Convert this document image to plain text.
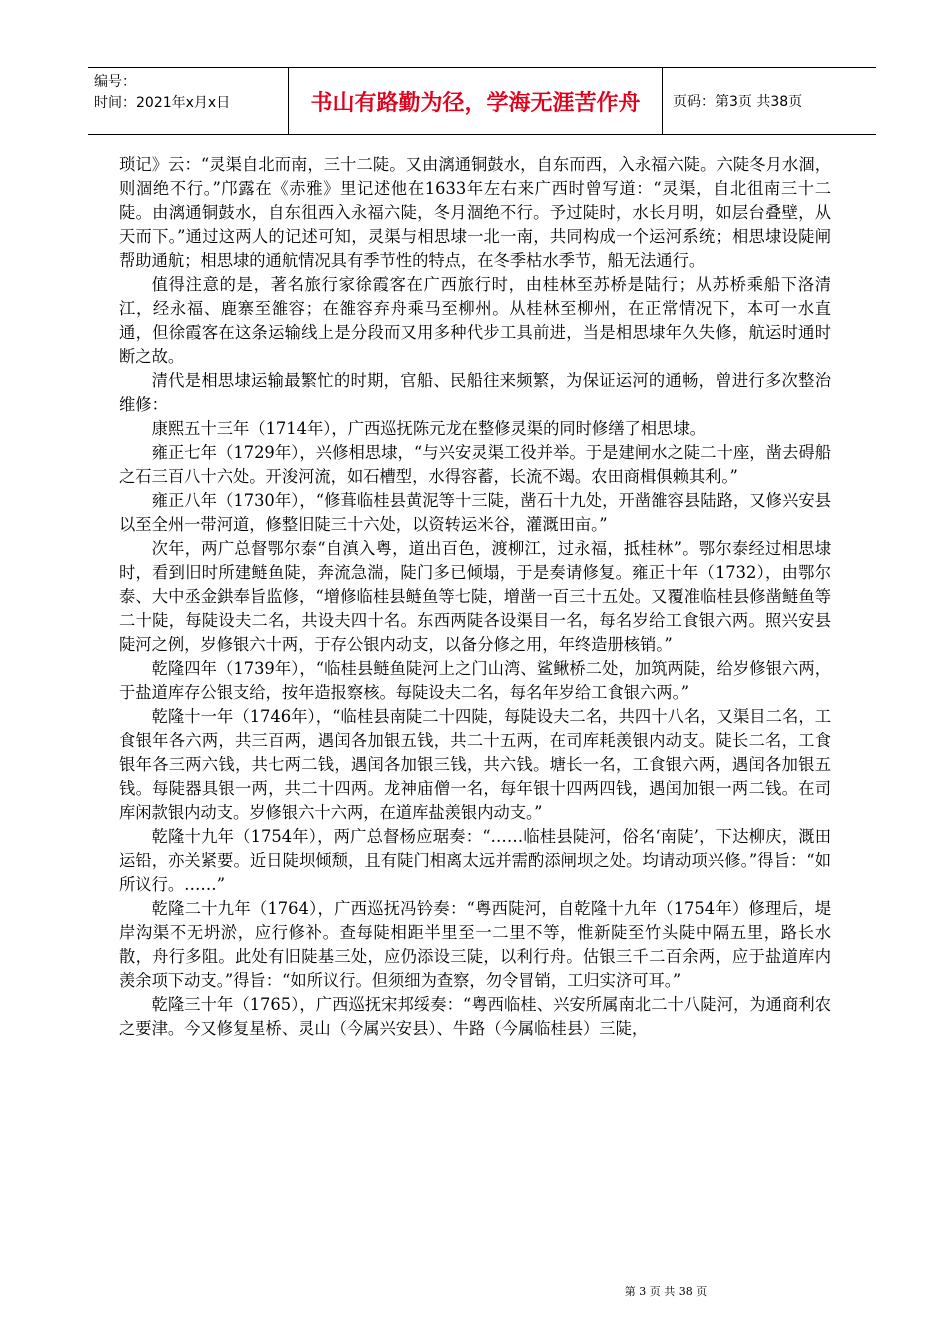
编号：
时间：2021年x月x日	书山有路勤为径，学海无涯苦作舟	页码：第3页 共38页

琐记》云：“灵渠自北而南，三十二陡。又由漓通铜鼓水，自东而西，入永福六陡。六陡冬月水涸，则涸绝不行。”邝露在《赤雅》里记述他在1633年左右来广西时曾写道：“灵渠，自北徂南三十二陡。由漓通铜鼓水，自东徂西入永福六陡，冬月涸绝不行。予过陡时，水长月明，如层台叠壁，从天而下。”通过这两人的记述可知，灵渠与相思埭一北一南，共同构成一个运河系统；相思埭设陡闸帮助通航；相思埭的通航情况具有季节性的特点，在冬季枯水季节，船无法通行。

值得注意的是，著名旅行家徐霞客在广西旅行时，由桂林至苏桥是陆行；从苏桥乘船下洛清江，经永福、鹿寨至雒容；在雒容弃舟乘马至柳州。从桂林至柳州，在正常情况下，本可一水直通，但徐霞客在这条运输线上是分段而又用多种代步工具前进，当是相思埭年久失修，航运时通时断之故。

清代是相思埭运输最繁忙的时期，官船、民船往来频繁，为保证运河的通畅，曾进行多次整治维修：

康熙五十三年（1714年），广西巡抚陈元龙在整修灵渠的同时修缮了相思埭。

雍正七年（1729年），兴修相思埭，“与兴安灵渠工役并举。于是建闸水之陡二十座，凿去碍船之石三百八十六处。开浚河流，如石槽型，水得容蓄，长流不竭。农田商楫俱赖其利。”

雍正八年（1730年），“修葺临桂县黄泥等十三陡，凿石十九处，开凿雒容县陆路，又修兴安县以至全州一带河道，修整旧陡三十六处，以资转运米谷，灌溉田亩。”

次年，两广总督鄂尔泰“自滇入粤，道出百色，渡柳江，过永福，抵桂林”。鄂尔泰经过相思埭时，看到旧时所建鲢鱼陡，奔流急湍，陡门多已倾塌，于是奏请修复。雍正十年（1732），由鄂尔泰、大中丞金鉷奉旨监修，“增修临桂县鲢鱼等七陡，增凿一百三十五处。又覆准临桂县修凿鲢鱼等二十陡，每陡设夫二名，共设夫四十名。东西两陡各设渠目一名，每名岁给工食银六两。照兴安县陡河之例，岁修银六十两，于存公银内动支，以备分修之用，年终造册核销。”

乾隆四年（1739年），“临桂县鲢鱼陡河上之门山湾、鲨鳅桥二处，加筑两陡，给岁修银六两，于盐道库存公银支给，按年造报察核。每陡设夫二名，每名年岁给工食银六两。”

乾隆十一年（1746年），“临桂县南陡二十四陡，每陡设夫二名，共四十八名，又渠目二名，工食银年各六两，共三百两，遇闰各加银五钱，共二十五两，在司库耗羡银内动支。陡长二名，工食银年各三两六钱，共七两二钱，遇闰各加银三钱，共六钱。塘长一名，工食银六两，遇闰各加银五钱。每陡器具银一两，共二十四两。龙神庙僧一名，每年银十四两四钱，遇闰加银一两二钱。在司库闲款银内动支。岁修银六十六两，在道库盐羡银内动支。”

乾隆十九年（1754年），两广总督杨应琚奏：“……临桂县陡河，俗名‘南陡’，下达柳庆，溉田运铅，亦关紧要。近日陡坝倾颓，且有陡门相离太远并需酌添闸坝之处。均请动项兴修。”得旨：“如所议行。……”

乾隆二十九年（1764），广西巡抚冯钤奏：“粤西陡河，自乾隆十九年（1754年）修理后，堤岸沟渠不无坍淤，应行修补。查每陡相距半里至一二里不等，惟新陡至竹头陡中隔五里，路长水散，舟行多阻。此处有旧陡基三处，应仍添设三陡，以利行舟。估银三千二百余两，应于盐道库内羡余项下动支。”得旨：“如所议行。但须细为查察，勿令冒销，工归实济可耳。”

乾隆三十年（1765），广西巡抚宋邦绥奏：“粤西临桂、兴安所属南北二十八陡河，为通商利农之要津。今又修复星桥、灵山（今属兴安县）、牛路（今属临桂县）三陡，

第 3 页 共 38 页
